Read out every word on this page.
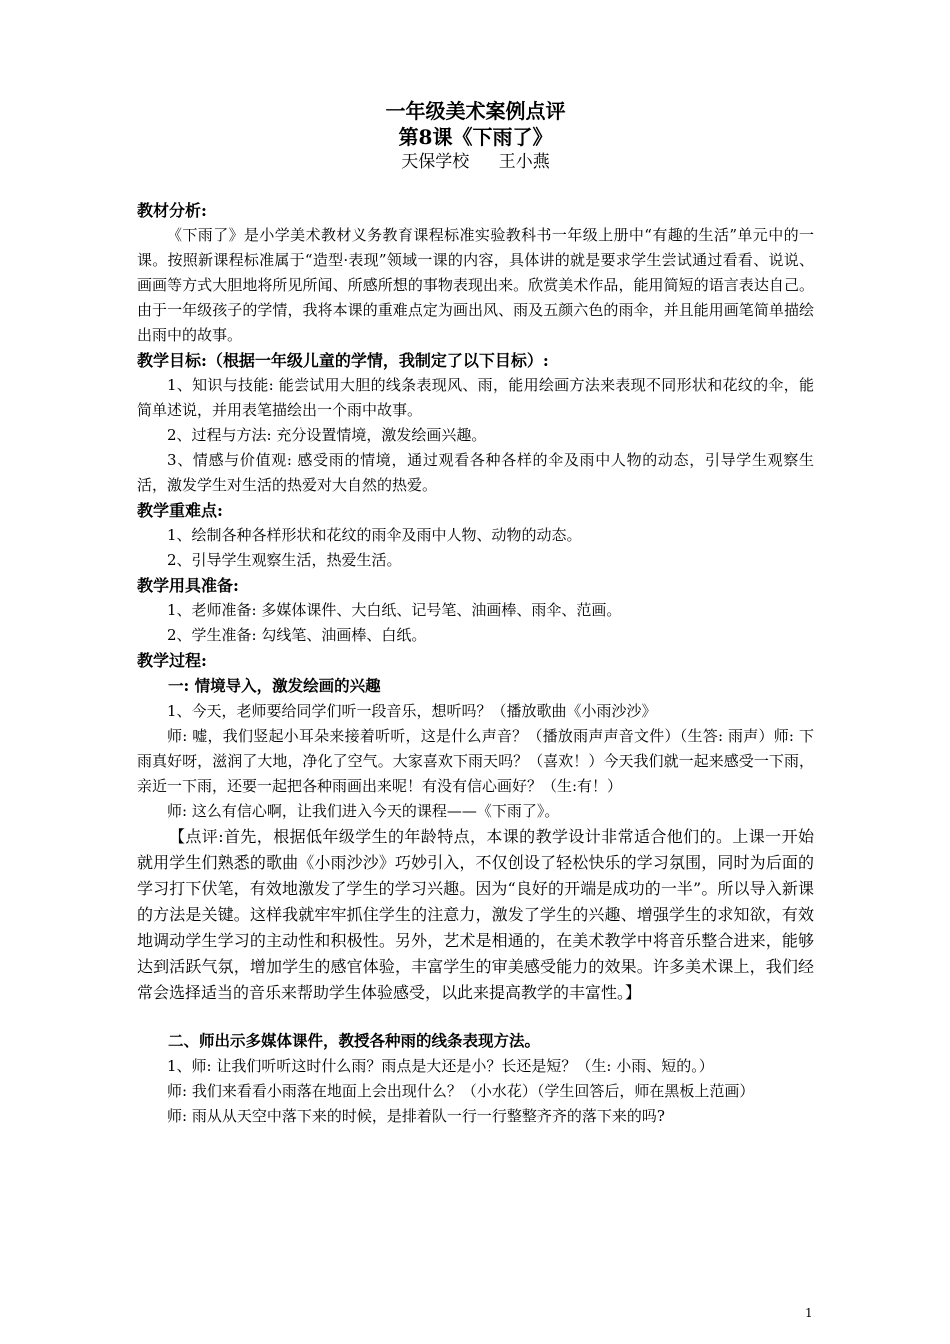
一年级美术案例点评

第8课《下雨了》

天保学校 王小燕

教材分析:

《下雨了》是小学美术教材义务教育课程标准实验教科书一年级上册中“有趣的生活”单元中的一课。按照新课程标准属于“造型·表现”领域一课的内容，具体讲的就是要求学生尝试通过看看、说说、画画等方式大胆地将所见所闻、所感所想的事物表现出来。欣赏美术作品，能用简短的语言表达自己。由于一年级孩子的学情，我将本课的重难点定为画出风、雨及五颜六色的雨伞，并且能用画笔简单描绘出雨中的故事。

教学目标:（根据一年级儿童的学情，我制定了以下目标）:

1、知识与技能: 能尝试用大胆的线条表现风、雨，能用绘画方法来表现不同形状和花纹的伞，能简单述说，并用表笔描绘出一个雨中故事。

2、过程与方法: 充分设置情境，激发绘画兴趣。

3、情感与价值观: 感受雨的情境，通过观看各种各样的伞及雨中人物的动态，引导学生观察生活，激发学生对生活的热爱对大自然的热爱。

教学重难点:

1、绘制各种各样形状和花纹的雨伞及雨中人物、动物的动态。

2、引导学生观察生活，热爱生活。

教学用具准备:

1、老师准备: 多媒体课件、大白纸、记号笔、油画棒、雨伞、范画。

2、学生准备: 勾线笔、油画棒、白纸。

教学过程:

一: 情境导入，激发绘画的兴趣

1、今天，老师要给同学们听一段音乐，想听吗？（播放歌曲《小雨沙沙》

师: 嘘，我们竖起小耳朵来接着听听，这是什么声音？（播放雨声声音文件）（生答: 雨声）师: 下雨真好呀，滋润了大地，净化了空气。大家喜欢下雨天吗？（喜欢！）今天我们就一起来感受一下雨，亲近一下雨，还要一起把各种雨画出来呢！有没有信心画好？（生:有！）

师: 这么有信心啊，让我们进入今天的课程——《下雨了》。

【点评:首先，根据低年级学生的年龄特点，本课的教学设计非常适合他们的。上课一开始就用学生们熟悉的歌曲《小雨沙沙》巧妙引入，不仅创设了轻松快乐的学习氛围，同时为后面的学习打下伏笔，有效地激发了学生的学习兴趣。因为“良好的开端是成功的一半”。所以导入新课的方法是关键。这样我就牢牢抓住学生的注意力，激发了学生的兴趣、增强学生的求知欲，有效地调动学生学习的主动性和积极性。另外，艺术是相通的，在美术教学中将音乐整合进来，能够达到活跃气氛，增加学生的感官体验，丰富学生的审美感受能力的效果。许多美术课上，我们经常会选择适当的音乐来帮助学生体验感受，以此来提高教学的丰富性。】

二、师出示多媒体课件，教授各种雨的线条表现方法。

1、师: 让我们听听这时什么雨？雨点是大还是小？长还是短？（生: 小雨、短的。）

师: 我们来看看小雨落在地面上会出现什么？（小水花）（学生回答后，师在黑板上范画）

师: 雨从从天空中落下来的时候，是排着队一行一行整整齐齐的落下来的吗?

1
